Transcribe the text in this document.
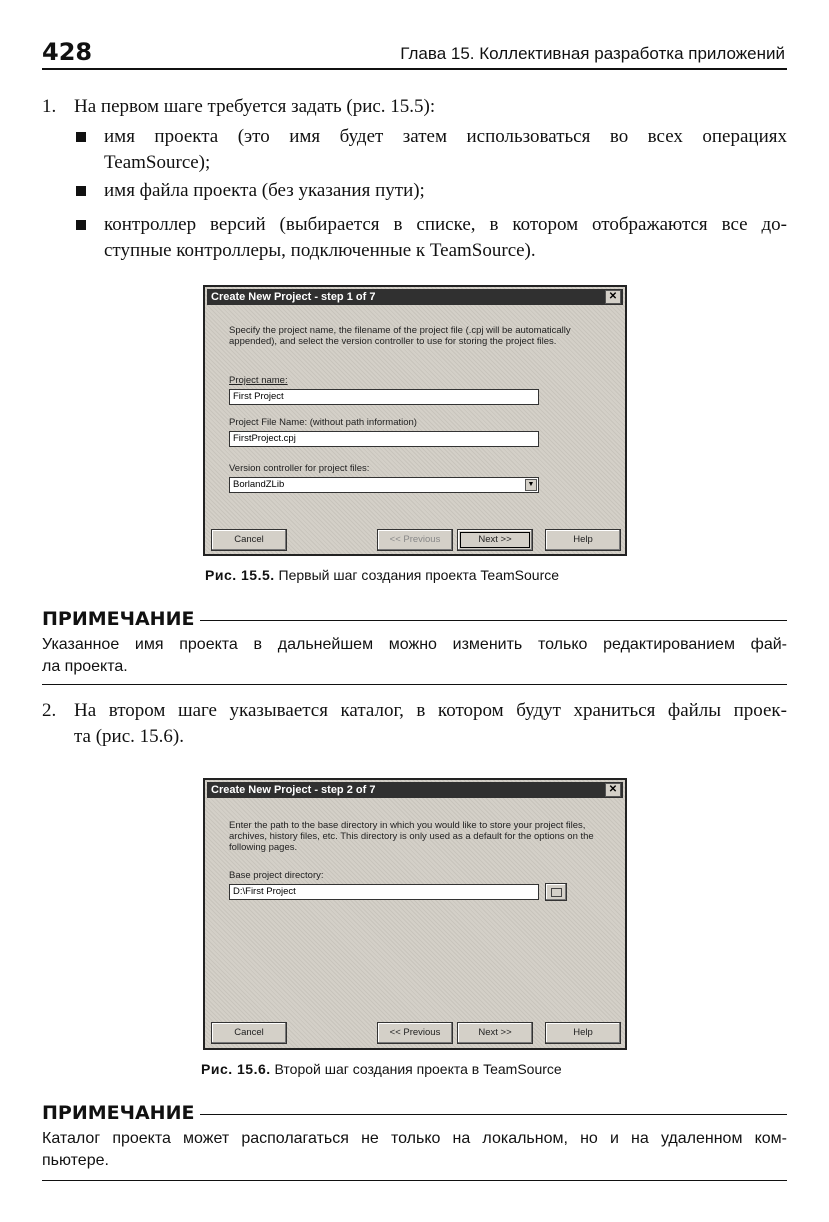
428	Глава 15. Коллективная разработка приложений
1. На первом шаге требуется задать (рис. 15.5):
имя проекта (это имя будет затем использоваться во всех операциях
TeamSource);
имя файла проекта (без указания пути);
контроллер версий (выбирается в списке, в котором отображаются все до-
ступные контроллеры, подключенные к TeamSource).
Create New Project - step 1 of 7	✕
Specify the project name, the filename of the project file (.cpj will be automatically appended), and select the version controller to use for storing the project files.
Project name:
First Project
Project File Name: (without path information)
FirstProject.cpj
Version controller for project files:
BorlandZLib	▼
Cancel	<< Previous	Next >>	Help
Рис. 15.5. Первый шаг создания проекта TeamSource
ПРИМЕЧАНИЕ
Указанное имя проекта в дальнейшем можно изменить только редактированием фай-
ла проекта.
2. На втором шаге указывается каталог, в котором будут храниться файлы проек-
та (рис. 15.6).
Create New Project - step 2 of 7	✕
Enter the path to the base directory in which you would like to store your project files, archives, history files, etc. This directory is only used as a default for the options on the following pages.
Base project directory:
D:\First Project
Cancel	<< Previous	Next >>	Help
Рис. 15.6. Второй шаг создания проекта в TeamSource
ПРИМЕЧАНИЕ
Каталог проекта может располагаться не только на локальном, но и на удаленном ком-
пьютере.
